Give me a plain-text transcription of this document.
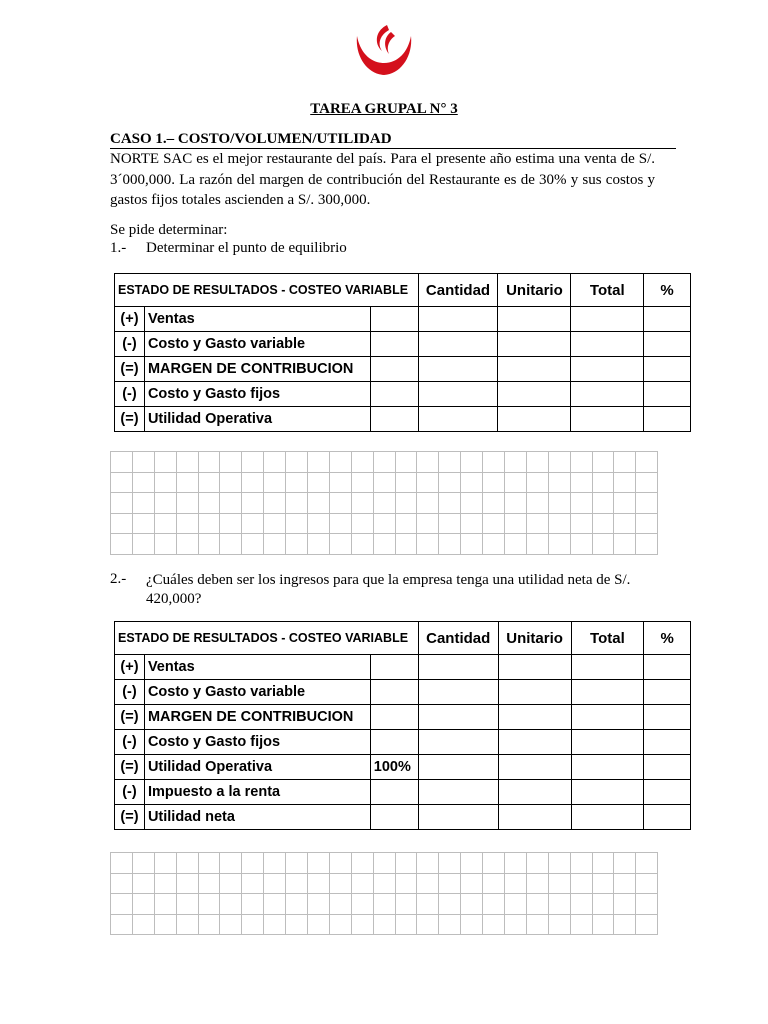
TAREA GRUPAL N° 3
CASO 1.– COSTO/VOLUMEN/UTILIDAD
NORTE SAC es el mejor restaurante del país. Para el presente año estima una venta de S/. 3´000,000. La razón del margen de contribución del Restaurante es de 30% y sus costos y gastos fijos totales ascienden a S/. 300,000.
Se pide determinar:
1.- Determinar el punto de equilibrio
ESTADO DE RESULTADOS - COSTEO VARIABLE			Cantidad	Unitario	Total	%
(+)	Ventas					
(-)	Costo y Gasto variable					
(=)	MARGEN DE CONTRIBUCION					
(-)	Costo y Gasto fijos					
(=)	Utilidad Operativa					

2.- ¿Cuáles deben ser los ingresos para que la empresa tenga una utilidad neta de S/. 420,000?
ESTADO DE RESULTADOS - COSTEO VARIABLE			Cantidad	Unitario	Total	%
(+)	Ventas					
(-)	Costo y Gasto variable					
(=)	MARGEN DE CONTRIBUCION					
(-)	Costo y Gasto fijos					
(=)	Utilidad Operativa	100%				
(-)	Impuesto a la renta					
(=)	Utilidad neta					
